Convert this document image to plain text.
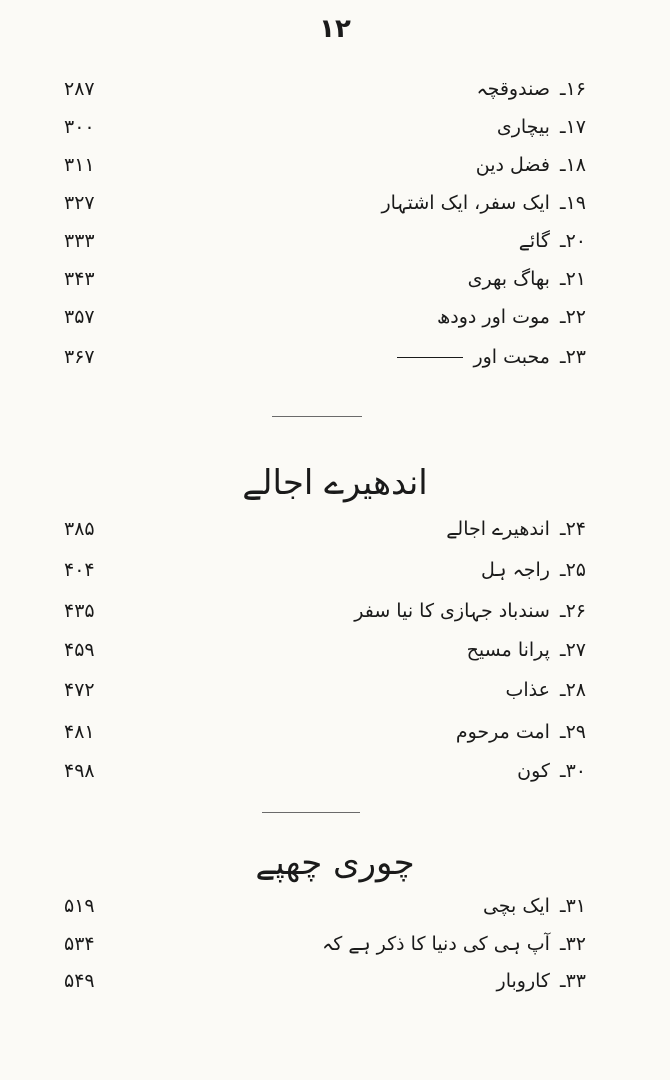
۱۲
۲۸۷	۱۶ـ صندوقچہ
۳۰۰	۱۷ـ بیچاری
۳۱۱	۱۸ـ فضل دین
۳۲۷	۱۹ـ ایک سفر، ایک اشتہار
۳۳۳	۲۰ـ گائے
۳۴۳	۲۱ـ بھاگ بھری
۳۵۷	۲۲ـ موت اور دودھ
۳۶۷	۲۳ـ محبت اور
اندھیرے اجالے
۳۸۵	۲۴ـ اندھیرے اجالے
۴۰۴	۲۵ـ راجہ ہل
۴۳۵	۲۶ـ سندباد جہازی کا نیا سفر
۴۵۹	۲۷ـ پرانا مسیح
۴۷۲	۲۸ـ عذاب
۴۸۱	۲۹ـ امت مرحوم
۴۹۸	۳۰ـ کون
چوری چھپے
۵۱۹	۳۱ـ ایک بچی
۵۳۴	۳۲ـ آپ ہی کی دنیا کا ذکر ہے کہ
۵۴۹	۳۳ـ کاروبار
